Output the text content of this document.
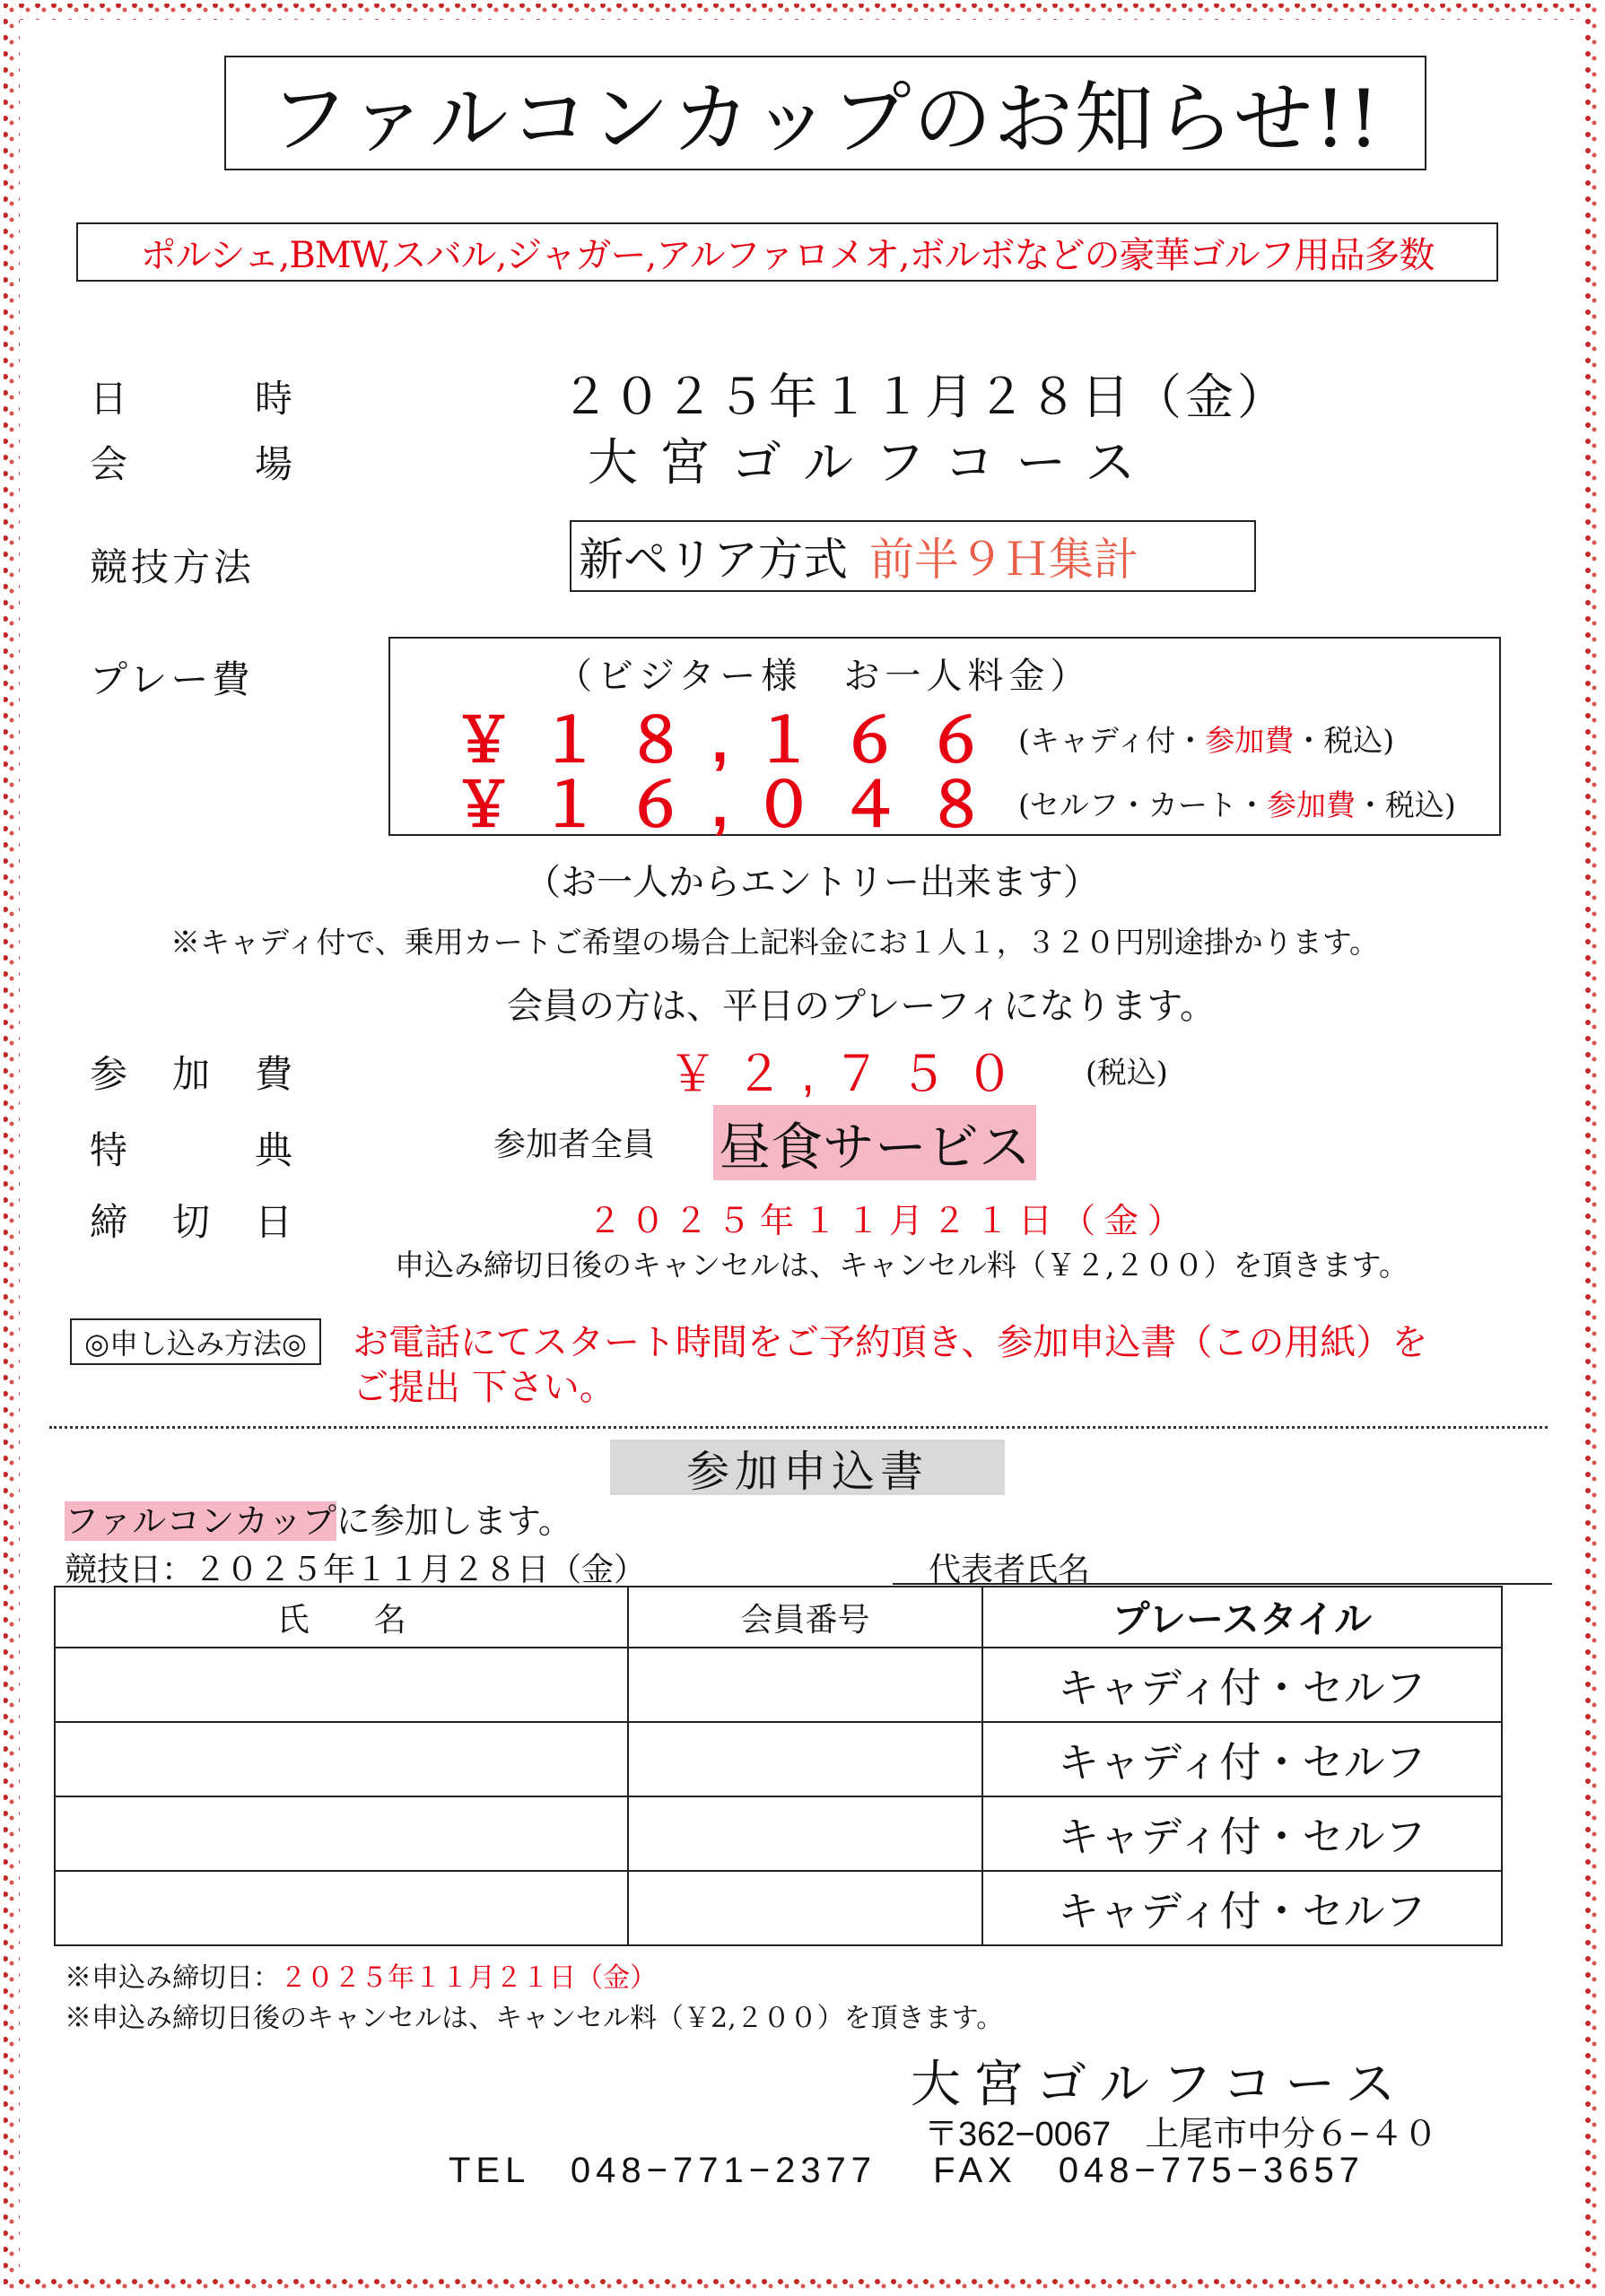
ファルコンカップのお知らせ!!
ポルシェ,BMW,スバル,ジャガー,アルファロメオ,ボルボなどの豪華ゴルフ用品多数
日	時	２０２５年１１月２８日（金）
会	場	大宮ゴルフコース
競技方法	新ペリア方式 前半９Ｈ集計
プレー費	（ビジター様　お一人料金）
￥１８,１６６ (キャディ付・参加費・税込)
￥１６,０４８ (セルフ・カート・参加費・税込)
（お一人からエントリー出来ます）
※キャディ付で、乗用カートご希望の場合上記料金にお１人１，３２０円別途掛かります。
会員の方は、平日のプレーフィになります。
参 加 費	￥２,７５０ (税込)
特	典	参加者全員 昼食サービス
締 切 日	２０２５年１１月２１日（金）
申込み締切日後のキャンセルは、キャンセル料（￥２,２００）を頂きます。
◎申し込み方法◎	お電話にてスタート時間をご予約頂き、参加申込書（この用紙）を
ご提出 下さい。
参加申込書
ファルコンカップに参加します。
競技日：２０２５年１１月２８日（金）	代表者氏名
氏　　名	会員番号	プレースタイル
		キャディ付・セルフ
		キャディ付・セルフ
		キャディ付・セルフ
		キャディ付・セルフ
※申込み締切日：２０２５年１１月２１日（金）
※申込み締切日後のキャンセルは、キャンセル料（￥2,２００）を頂きます。
大宮ゴルフコース
〒362−0067　上尾市中分６−４０
TEL　048−771−2377　 FAX　048−775−3657
